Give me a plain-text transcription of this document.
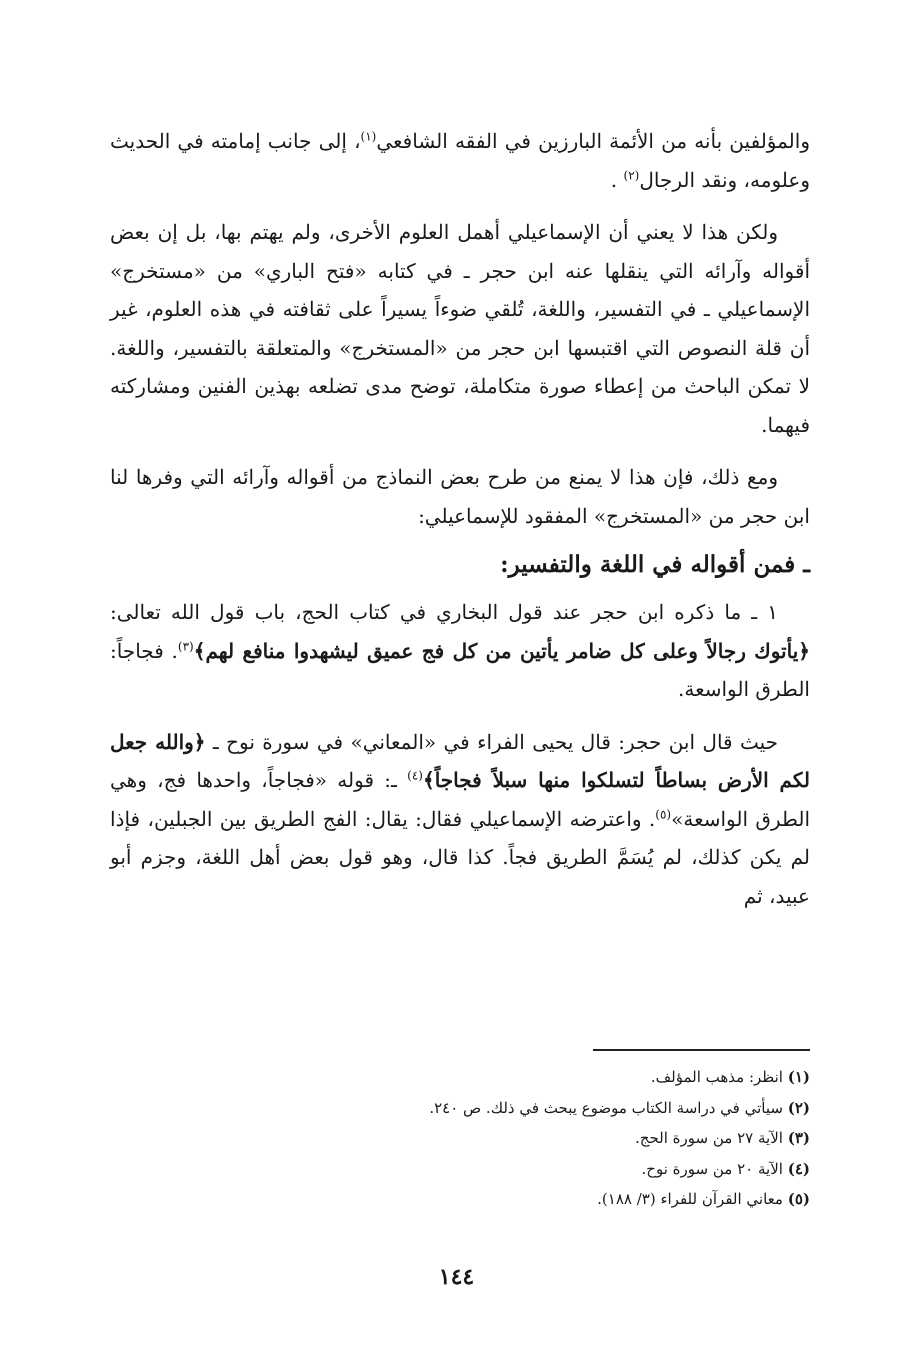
والمؤلفين بأنه من الأئمة البارزين في الفقه الشافعي$^{(١)}$، إلى جانب إمامته في الحديث وعلومه، ونقد الرجال$^{(٢)}$ .

ولكن هذا لا يعني أن الإسماعيلي أهمل العلوم الأخرى، ولم يهتم بها، بل إن بعض أقواله وآرائه التي ينقلها عنه ابن حجر ـ في كتابه «فتح الباري» من «مستخرج» الإسماعيلي ـ في التفسير، واللغة، تُلقي ضوءاً يسيراً على ثقافته في هذه العلوم، غير أن قلة النصوص التي اقتبسها ابن حجر من «المستخرج» والمتعلقة بالتفسير، واللغة. لا تمكن الباحث من إعطاء صورة متكاملة، توضح مدى تضلعه بهذين الفنين ومشاركته فيهما.

ومع ذلك، فإن هذا لا يمنع من طرح بعض النماذج من أقواله وآرائه التي وفرها لنا ابن حجر من «المستخرج» المفقود للإسماعيلي:

ـ فمن أقواله في اللغة والتفسير:

١ ـ ما ذكره ابن حجر عند قول البخاري في كتاب الحج، باب قول الله تعالى: ﴿يأتوك رجالاً وعلى كل ضامر يأتين من كل فج عميق ليشهدوا منافع لهم﴾$^{(٣)}$. فجاجاً: الطرق الواسعة.

حيث قال ابن حجر: قال يحيى الفراء في «المعاني» في سورة نوح ـ ﴿والله جعل لكم الأرض بساطاً لتسلكوا منها سبلاً فجاجاً﴾$^{(٤)}$ ـ: قوله «فجاجاً، واحدها فج، وهي الطرق الواسعة»$^{(٥)}$. واعترضه الإسماعيلي فقال: يقال: الفج الطريق بين الجبلين، فإذا لم يكن كذلك، لم يُسَمَّ الطريق فجاً. كذا قال، وهو قول بعض أهل اللغة، وجزم أبو عبيد، ثم

(١) انظر: مذهب المؤلف.
(٢) سيأتي في دراسة الكتاب موضوع يبحث في ذلك. ص ٢٤٠.
(٣) الآية ٢٧ من سورة الحج.
(٤) الآية ٢٠ من سورة نوح.
(٥) معاني القرآن للفراء (٣/ ١٨٨).
١٤٤
